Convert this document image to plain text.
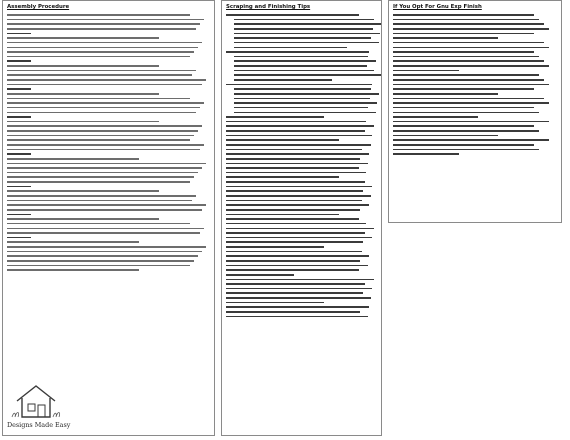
Assembly Procedure
Designs Made Easy
Scraping and Finishing Tips	If You Opt For Gnu Exp Finish
